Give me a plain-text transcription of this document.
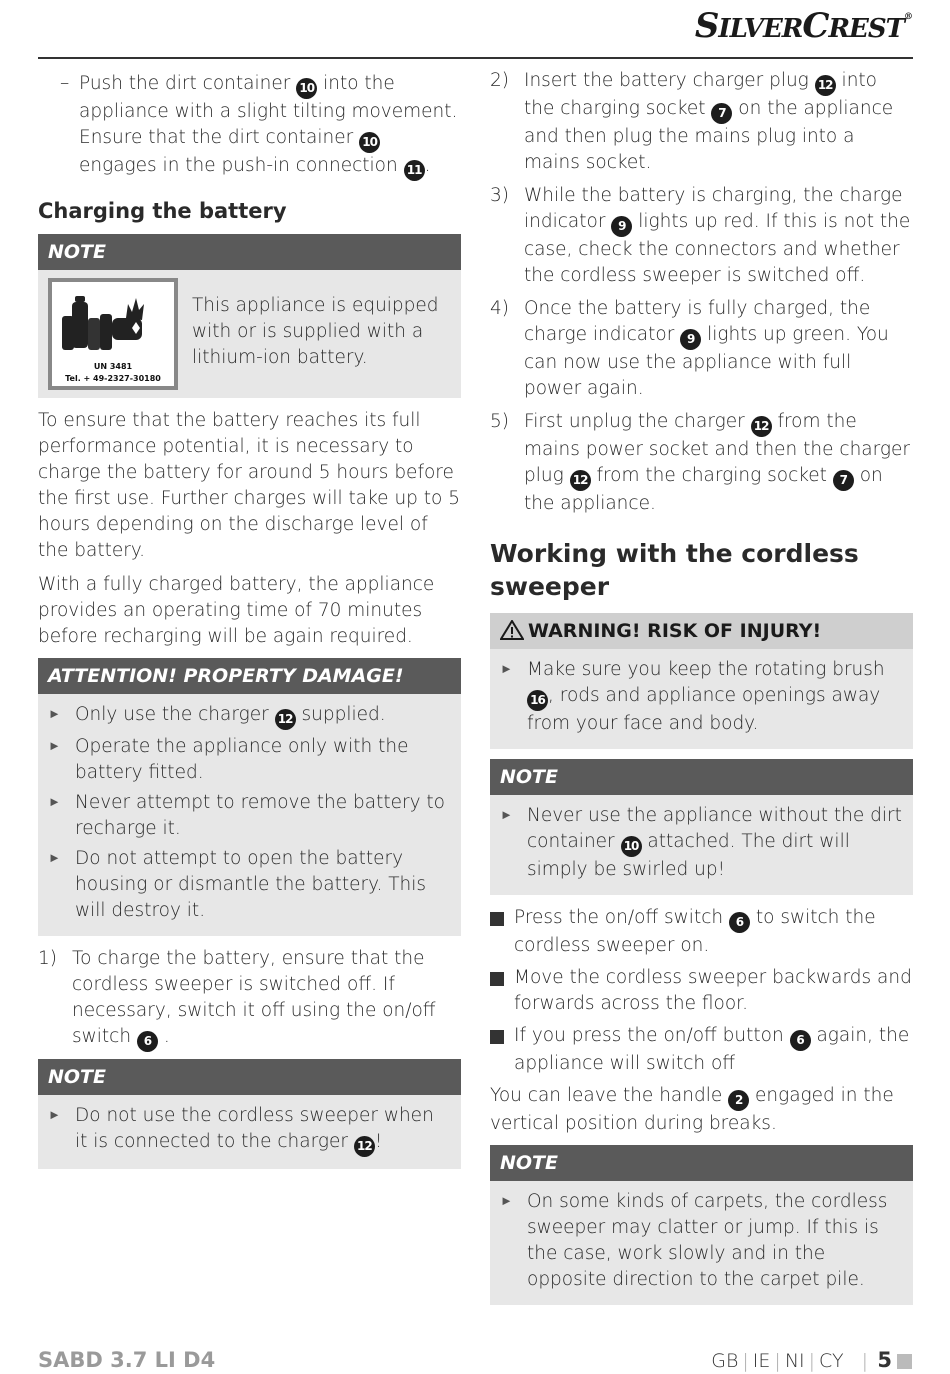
SILVERCREST®
– Push the dirt container 10 into the appliance with a slight tilting movement. Ensure that the dirt container 10 engages in the push-in connection 11 .
Charging the battery
NOTE
UN 3481
Tel. + 49-2327-30180

This appliance is equipped with or is supplied with a lithium-ion battery.

To ensure that the battery reaches its full performance potential, it is necessary to charge the battery for around 5 hours before the first use. Further charges will take up to 5 hours depending on the discharge level of the battery.

With a fully charged battery, the appliance provides an operating time of 70 minutes before recharging will be again required.

ATTENTION! PROPERTY DAMAGE!
► Only use the charger 12 supplied.
► Operate the appliance only with the battery fitted.
► Never attempt to remove the battery to recharge it.
► Do not attempt to open the battery housing or dismantle the battery. This will destroy it.
1) To charge the battery, ensure that the cordless sweeper is switched off. If necessary, switch it off using the on/off switch 6 .
NOTE
► Do not use the cordless sweeper when it is connected to the charger 12 !
2) Insert the battery charger plug 12 into the charging socket 7 on the appliance and then plug the mains plug into a mains socket.
3) While the battery is charging, the charge indicator 9 lights up red. If this is not the case, check the connectors and whether the cordless sweeper is switched off.
4) Once the battery is fully charged, the charge indicator 9 lights up green. You can now use the appliance with full power again.
5) First unplug the charger 12 from the mains power socket and then the charger plug 12 from the charging socket 7 on the appliance.
Working with the cordless sweeper
WARNING! RISK OF INJURY!
► Make sure you keep the rotating brush 16 , rods and appliance openings away from your face and body.
NOTE
► Never use the appliance without the dirt container 10 attached. The dirt will simply be swirled up!
Press the on/off switch 6 to switch the cordless sweeper on.
Move the cordless sweeper backwards and forwards across the floor.
If you press the on/off button 6 again, the appliance will switch off

You can leave the handle 2 engaged in the vertical position during breaks.

NOTE
► On some kinds of carpets, the cordless sweeper may clatter or jump. If this is the case, work slowly and in the opposite direction to the carpet pile.
SABD 3.7 LI D4	GB | IE | NI | CY | 5
